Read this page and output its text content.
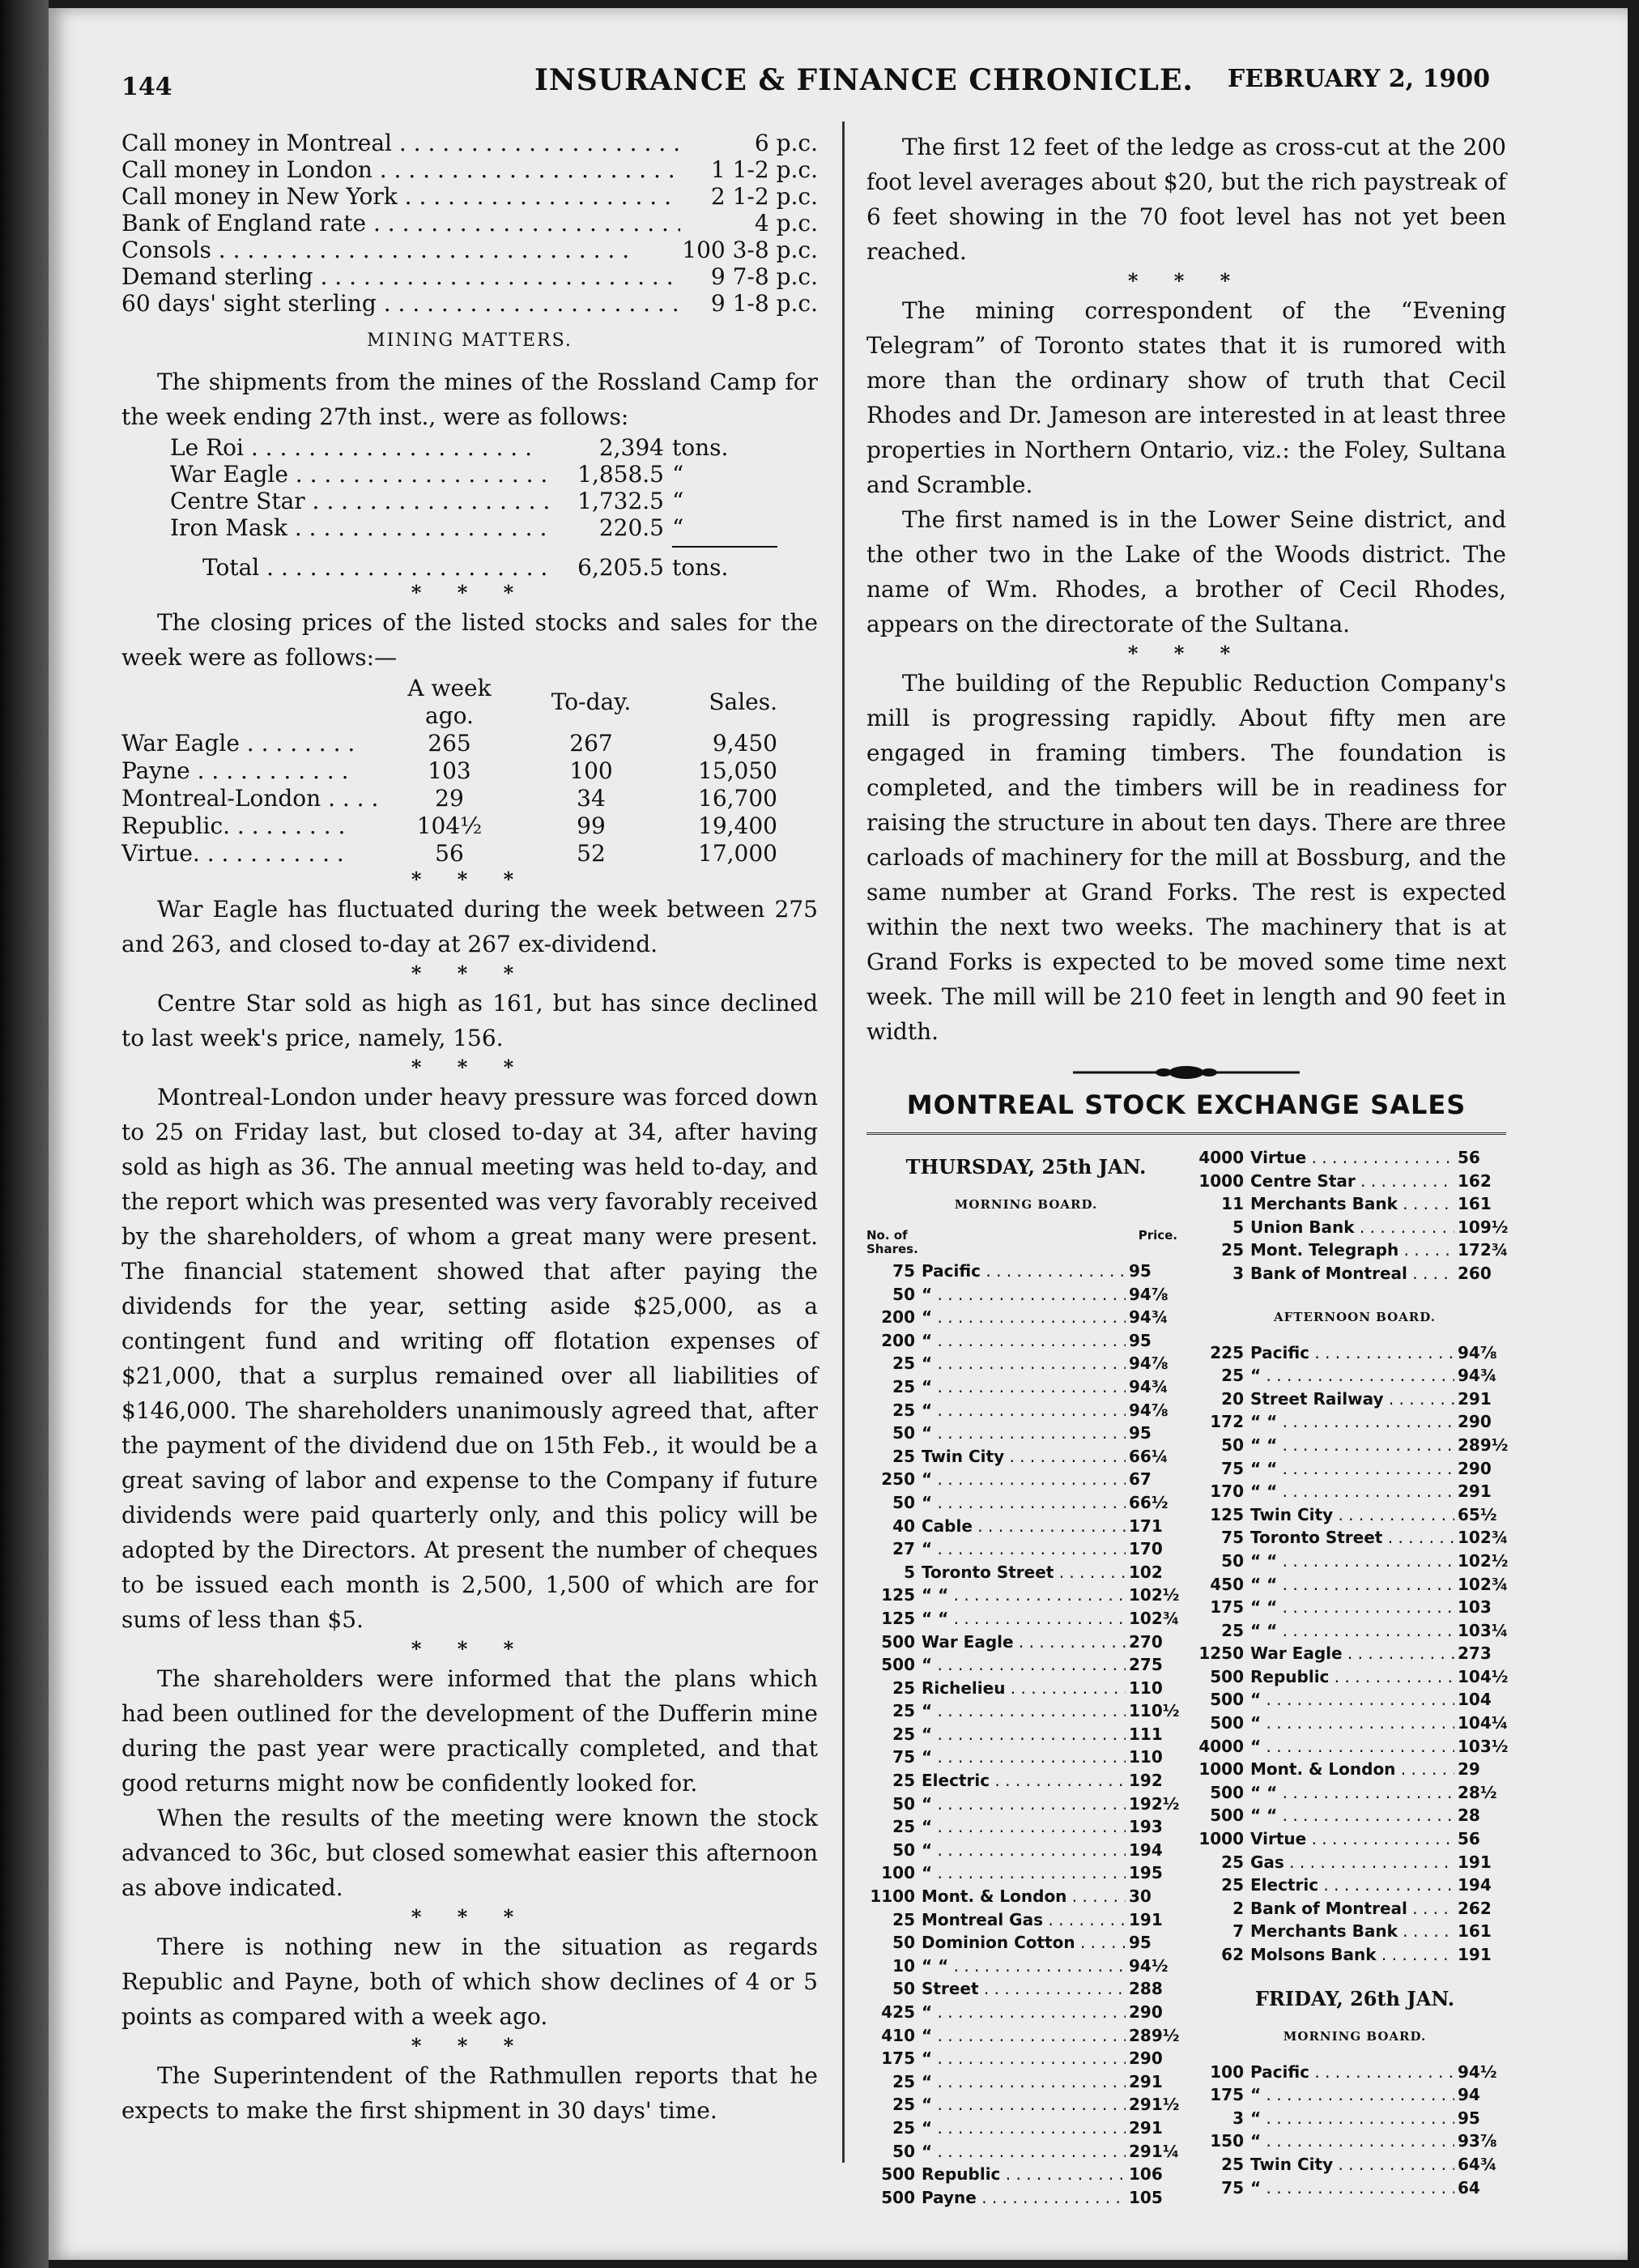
144	INSURANCE & FINANCE CHRONICLE. FEBRUARY 2, 1900
Call money in Montreal . . .	6 p.c.
Call money in London . . .	1 1-2 p.c.
Call money in New York . . .	2 1-2 p.c.
Bank of England rate . . .	4 p.c.
Consols . . .	100 3-8 p.c.
Demand sterling . . .	9 7-8 p.c.
60 days' sight sterling . . .	9 1-8 p.c.
MINING MATTERS.

The shipments from the mines of the Rossland Camp for the week ending 27th inst., were as follows:

Le Roi . . .	2,394 tons.
War Eagle . . .	1,858.5 “
Centre Star . . .	1,732.5 “
Iron Mask . . .	220.5 “
Total . . .	6,205.5 tons.
* * *

The closing prices of the listed stocks and sales for the week were as follows:—

	A week ago.	To-day.	Sales.
War Eagle . . . . . . . .	265	267	9,450
Payne . . . . . . . . . . .	103	100	15,050
Montreal-London . . . .	29	34	16,700
Republic. . . . . . . . .	104½	99	19,400
Virtue. . . . . . . . . . .	56	52	17,000
* * *

War Eagle has fluctuated during the week between 275 and 263, and closed to-day at 267 ex-dividend.

* * *

Centre Star sold as high as 161, but has since declined to last week's price, namely, 156.

* * *

Montreal-London under heavy pressure was forced down to 25 on Friday last, but closed to-day at 34, after having sold as high as 36. The annual meeting was held to-day, and the report which was presented was very favorably received by the shareholders, of whom a great many were present. The financial statement showed that after paying the dividends for the year, setting aside $25,000, as a contingent fund and writing off flotation expenses of $21,000, that a surplus remained over all liabilities of $146,000. The shareholders unanimously agreed that, after the payment of the dividend due on 15th Feb., it would be a great saving of labor and expense to the Company if future dividends were paid quarterly only, and this policy will be adopted by the Directors. At present the number of cheques to be issued each month is 2,500, 1,500 of which are for sums of less than $5.

* * *

The shareholders were informed that the plans which had been outlined for the development of the Dufferin mine during the past year were practically completed, and that good returns might now be confidently looked for.

When the results of the meeting were known the stock advanced to 36c, but closed somewhat easier this afternoon as above indicated.

* * *

There is nothing new in the situation as regards Republic and Payne, both of which show declines of 4 or 5 points as compared with a week ago.

* * *

The Superintendent of the Rathmullen reports that he expects to make the first shipment in 30 days' time.

The first 12 feet of the ledge as cross-cut at the 200 foot level averages about $20, but the rich paystreak of 6 feet showing in the 70 foot level has not yet been reached.

* * *

The mining correspondent of the “Evening Telegram” of Toronto states that it is rumored with more than the ordinary show of truth that Cecil Rhodes and Dr. Jameson are interested in at least three properties in Northern Ontario, viz.: the Foley, Sultana and Scramble.

The first named is in the Lower Seine district, and the other two in the Lake of the Woods district. The name of Wm. Rhodes, a brother of Cecil Rhodes, appears on the directorate of the Sultana.

* * *

The building of the Republic Reduction Company's mill is progressing rapidly. About fifty men are engaged in framing timbers. The foundation is completed, and the timbers will be in readiness for raising the structure in about ten days. There are three carloads of machinery for the mill at Bossburg, and the same number at Grand Forks. The rest is expected within the next two weeks. The machinery that is at Grand Forks is expected to be moved some time next week. The mill will be 210 feet in length and 90 feet in width.

MONTREAL STOCK EXCHANGE SALES
THURSDAY, 25th JAN.
MORNING BOARD.
No. of Shares.
Price.
75 Pacific . . .	95
50 “ . . .	94⅞
200 “ . . .	94¾
200 “ . . .	95
25 “ . . .	94⅞
25 “ . . .	94¾
25 “ . . .	94⅞
50 “ . . .	95
25 Twin City . . .	66¼
250 “ . . .	67
50 “ . . .	66½
40 Cable . . .	171
27 “ . . .	170
5 Toronto Street . . .	102
125 “ “ . . .	102½
125 “ “ . . .	102¾
500 War Eagle . . .	270
500 “ . . .	275
25 Richelieu . . .	110
25 “ . . .	110½
25 “ . . .	111
75 “ . . .	110
25 Electric . . .	192
50 “ . . .	192½
25 “ . . .	193
50 “ . . .	194
100 “ . . .	195
1100 Mont. & London . . .	30
25 Montreal Gas . . .	191
50 Dominion Cotton . . .	95
10 “ “ . . .	94½
50 Street . . .	288
425 “ . . .	290
410 “ . . .	289½
175 “ . . .	290
25 “ . . .	291
25 “ . . .	291½
25 “ . . .	291
50 “ . . .	291¼
500 Republic . . .	106
500 Payne . . .	105
4000 Virtue . . .	56
1000 Centre Star . . .	162
11 Merchants Bank . . .	161
5 Union Bank . . .	109½
25 Mont. Telegraph . . .	172¾
3 Bank of Montreal . . .	260
AFTERNOON BOARD.
225 Pacific . . .	94⅞
25 “ . . .	94¾
20 Street Railway . . .	291
172 “ “ . . .	290
50 “ “ . . .	289½
75 “ “ . . .	290
170 “ “ . . .	291
125 Twin City . . .	65½
75 Toronto Street . . .	102¾
50 “ “ . . .	102½
450 “ “ . . .	102¾
175 “ “ . . .	103
25 “ “ . . .	103¼
1250 War Eagle . . .	273
500 Republic . . .	104½
500 “ . . .	104
500 “ . . .	104¼
4000 “ . . .	103½
1000 Mont. & London . . .	29
500 “ “ . . .	28½
500 “ “ . . .	28
1000 Virtue . . .	56
25 Gas . . .	191
25 Electric . . .	194
2 Bank of Montreal . . .	262
7 Merchants Bank . . .	161
62 Molsons Bank . . .	191
FRIDAY, 26th JAN.
MORNING BOARD.
100 Pacific . . .	94½
175 “ . . .	94
3 “ . . .	95
150 “ . . .	93⅞
25 Twin City . . .	64¾
75 “ . . .	64
